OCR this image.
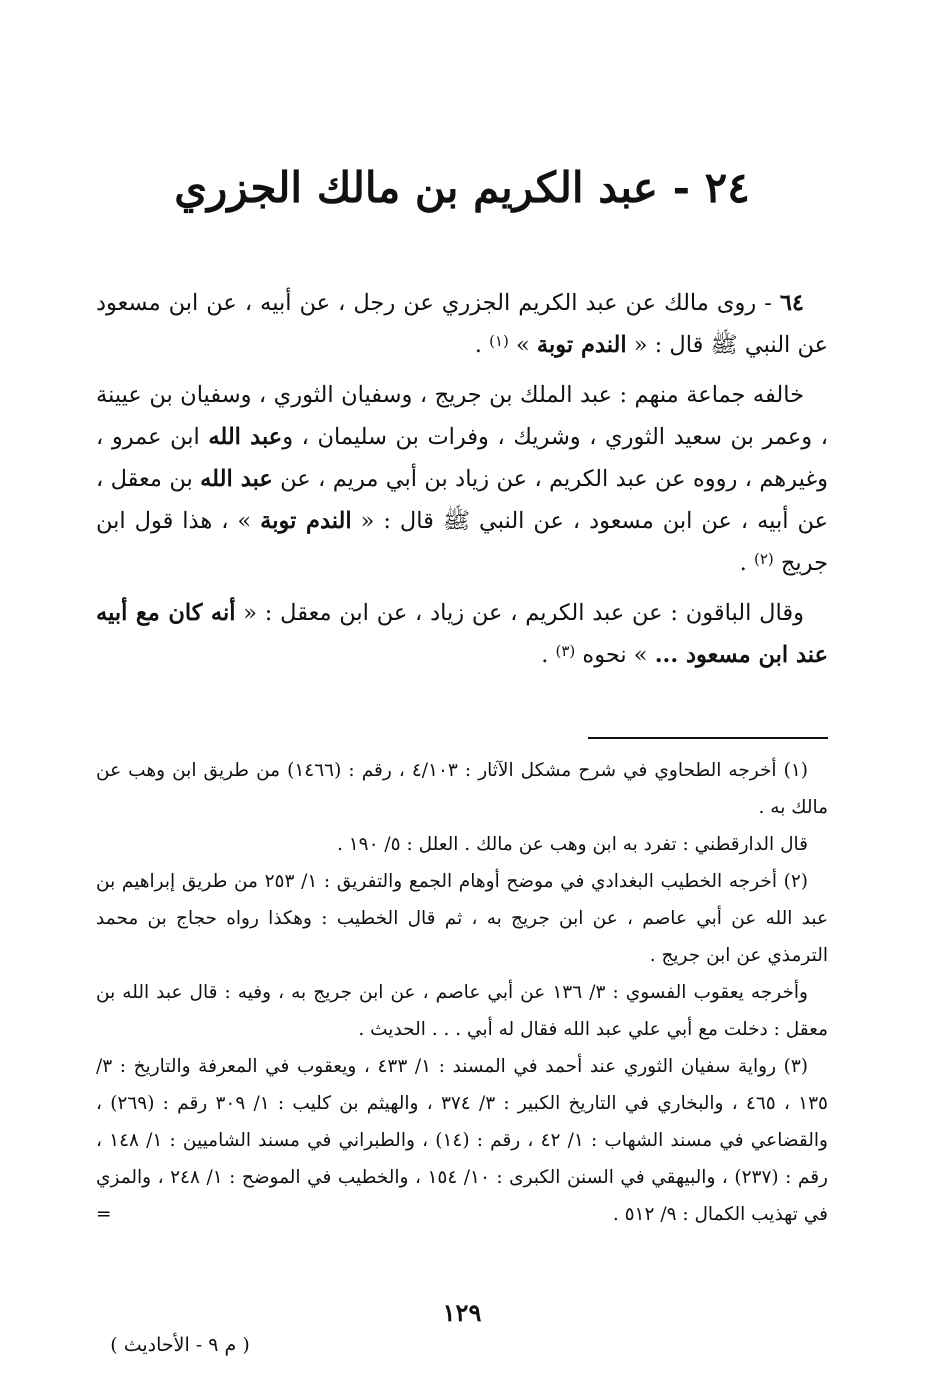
٢٤ - عبد الكريم بن مالك الجزري

٦٤ - روى مالك عن عبد الكريم الجزري عن رجل ، عن أبيه ، عن ابن مسعود عن النبي ﷺ قال : « الندم توبة » $^{(١)}$ .

خالفه جماعة منهم : عبد الملك بن جريج ، وسفيان الثوري ، وسفيان بن عيينة ، وعمر بن سعيد الثوري ، وشريك ، وفرات بن سليمان ، وعبد الله ابن عمرو ، وغيرهم ، رووه عن عبد الكريم ، عن زياد بن أبي مريم ، عن عبد الله بن معقل ، عن أبيه ، عن ابن مسعود ، عن النبي ﷺ قال : « الندم توبة » ، هذا قول ابن جريج $^{(٢)}$ .

وقال الباقون : عن عبد الكريم ، عن زياد ، عن ابن معقل : « أنه كان مع أبيه عند ابن مسعود ... » نحوه $^{(٣)}$ .

(١) أخرجه الطحاوي في شرح مشكل الآثار : ٤/١٠٣ ، رقم : (١٤٦٦) من طريق ابن وهب عن مالك به .

قال الدارقطني : تفرد به ابن وهب عن مالك . العلل : ٥/ ١٩٠ .

(٢) أخرجه الخطيب البغدادي في موضح أوهام الجمع والتفريق : ١/ ٢٥٣ من طريق إبراهيم بن عبد الله عن أبي عاصم ، عن ابن جريج به ، ثم قال الخطيب : وهكذا رواه حجاج بن محمد الترمذي عن ابن جريج .

وأخرجه يعقوب الفسوي : ٣/ ١٣٦ عن أبي عاصم ، عن ابن جريج به ، وفيه : قال عبد الله بن معقل : دخلت مع أبي علي عبد الله فقال له أبي . . . الحديث .

(٣) رواية سفيان الثوري عند أحمد في المسند : ١/ ٤٣٣ ، ويعقوب في المعرفة والتاريخ : ٣/ ١٣٥ ، ٤٦٥ ، والبخاري في التاريخ الكبير : ٣/ ٣٧٤ ، والهيثم بن كليب : ١/ ٣٠٩ رقم : (٢٦٩) ، والقضاعي في مسند الشهاب : ١/ ٤٢ ، رقم : (١٤) ، والطبراني في مسند الشاميين : ١/ ١٤٨ ، رقم : (٢٣٧) ، والبيهقي في السنن الكبرى : ١٠/ ١٥٤ ، والخطيب في الموضح : ١/ ٢٤٨ ، والمزي في تهذيب الكمال : ٩/ ٥١٢ .
=

١٢٩
( م ٩ - الأحاديث )
